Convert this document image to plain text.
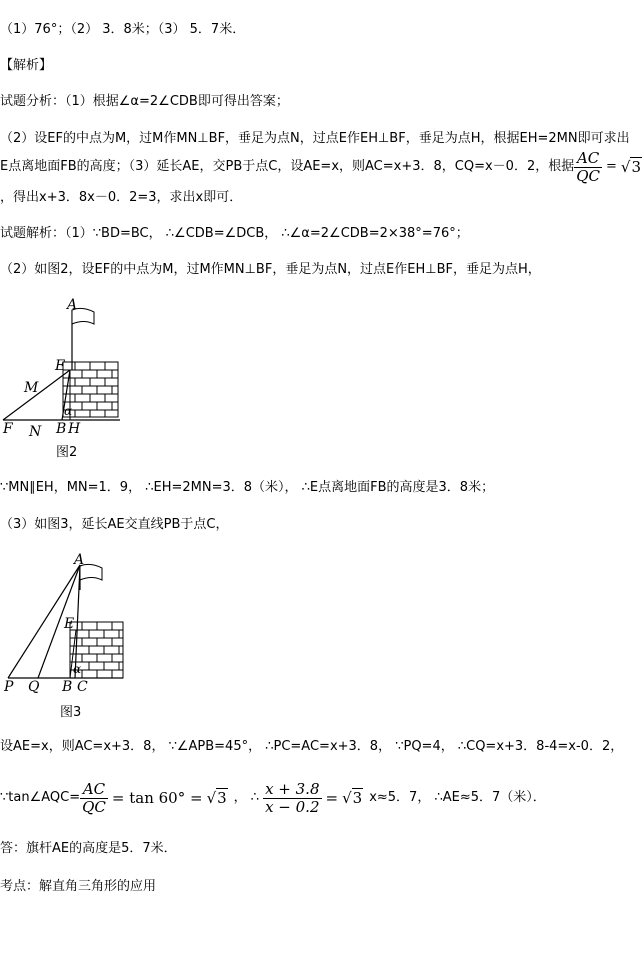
（1）76°；（2） 3．8米；（3） 5．7米．
【解析】
试题分析：（1）根据∠α=2∠CDB即可得出答案；
（2）设EF的中点为M，过M作MN⊥BF，垂足为点N，过点E作EH⊥BF，垂足为点H，根据EH=2MN即可求出
E点离地面FB的高度；（3）延长AE，交PB于点C，设AE=x，则AC=x+3．8，CQ=x－0．2，根据 $\frac{AC}{QC} = √3$
，得出x+3．8x－0．2=3，求出x即可．
试题解析：（1）∵BD=BC， ∴∠CDB=∠DCB， ∴∠α=2∠CDB=2×38°=76°；
（2）如图2，设EF的中点为M，过M作MN⊥BF，垂足为点N，过点E作EH⊥BF，垂足为点H，
A
E
M
α
F N B H
图2
∵MN∥EH，MN=1．9， ∴EH=2MN=3．8（米）， ∴E点离地面FB的高度是3．8米；
（3）如图3，延长AE交直线PB于点C，
A
E
α
P Q B C
图3
设AE=x，则AC=x+3．8， ∵∠APB=45°， ∴PC=AC=x+3．8， ∵PQ=4， ∴CQ=x+3．8-4=x-0．2，
∵tan∠AQC= $\frac{AC}{QC} = \tan 60^\circ = √3$ ， ∴ $\frac{x + 3.8}{x - 0.2} = √3$ x≈5．7， ∴AE≈5．7（米）．
答：旗杆AE的高度是5．7米．
考点：解直角三角形的应用
